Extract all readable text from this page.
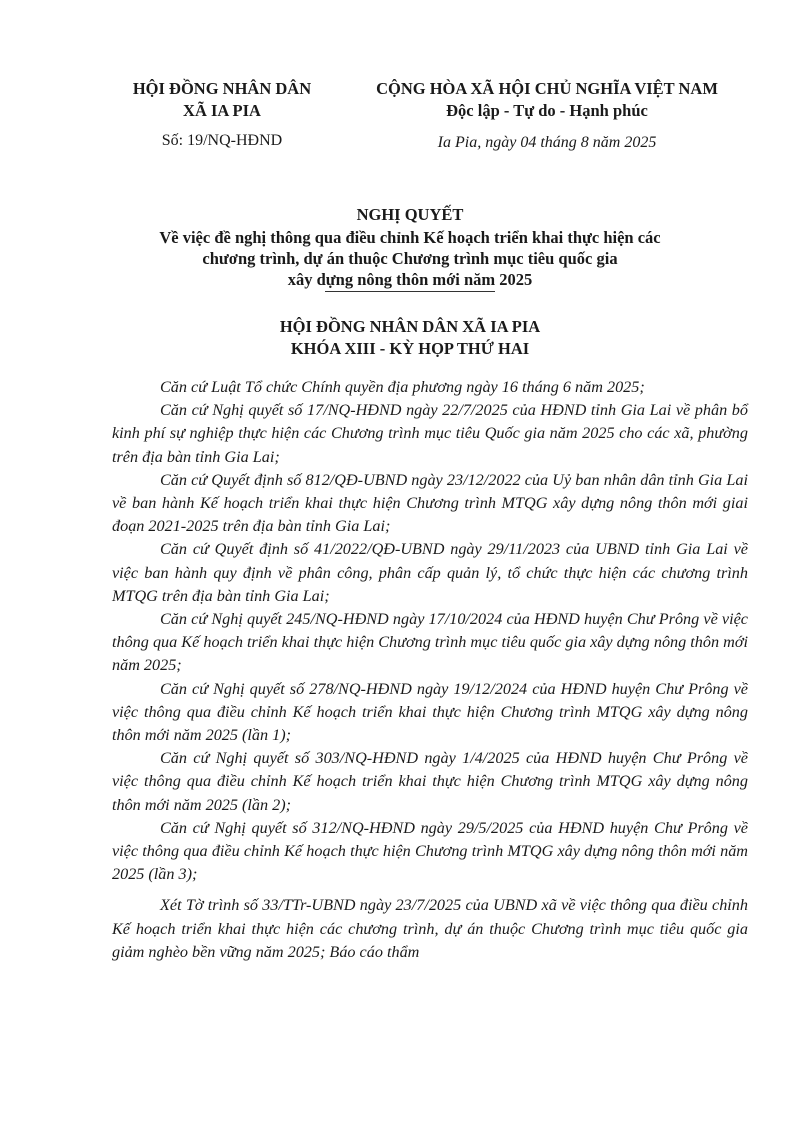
HỘI ĐỒNG NHÂN DÂN
XÃ IA PIA
Số: 19/NQ-HĐND
CỘNG HÒA XÃ HỘI CHỦ NGHĨA VIỆT NAM
Độc lập - Tự do - Hạnh phúc
Ia Pia, ngày 04 tháng 8 năm 2025
NGHỊ QUYẾT
Về việc đề nghị thông qua điều chỉnh Kế hoạch triển khai thực hiện các
chương trình, dự án thuộc Chương trình mục tiêu quốc gia
xây dựng nông thôn mới năm 2025
HỘI ĐỒNG NHÂN DÂN XÃ IA PIA
KHÓA XIII - KỲ HỌP THỨ HAI

Căn cứ Luật Tổ chức Chính quyền địa phương ngày 16 tháng 6 năm 2025;

Căn cứ Nghị quyết số 17/NQ-HĐND ngày 22/7/2025 của HĐND tỉnh Gia Lai về phân bổ kinh phí sự nghiệp thực hiện các Chương trình mục tiêu Quốc gia năm 2025 cho các xã, phường trên địa bàn tỉnh Gia Lai;

Căn cứ Quyết định số 812/QĐ-UBND ngày 23/12/2022 của Uỷ ban nhân dân tỉnh Gia Lai về ban hành Kế hoạch triển khai thực hiện Chương trình MTQG xây dựng nông thôn mới giai đoạn 2021-2025 trên địa bàn tỉnh Gia Lai;

Căn cứ Quyết định số 41/2022/QĐ-UBND ngày 29/11/2023 của UBND tỉnh Gia Lai về việc ban hành quy định về phân công, phân cấp quản lý, tổ chức thực hiện các chương trình MTQG trên địa bàn tỉnh Gia Lai;

Căn cứ Nghị quyết 245/NQ-HĐND ngày 17/10/2024 của HĐND huyện Chư Prông về việc thông qua Kế hoạch triển khai thực hiện Chương trình mục tiêu quốc gia xây dựng nông thôn mới năm 2025;

Căn cứ Nghị quyết số 278/NQ-HĐND ngày 19/12/2024 của HĐND huyện Chư Prông về việc thông qua điều chỉnh Kế hoạch triển khai thực hiện Chương trình MTQG xây dựng nông thôn mới năm 2025 (lần 1);

Căn cứ Nghị quyết số 303/NQ-HĐND ngày 1/4/2025 của HĐND huyện Chư Prông về việc thông qua điều chỉnh Kế hoạch triển khai thực hiện Chương trình MTQG xây dựng nông thôn mới năm 2025 (lần 2);

Căn cứ Nghị quyết số 312/NQ-HĐND ngày 29/5/2025 của HĐND huyện Chư Prông về việc thông qua điều chỉnh Kế hoạch thực hiện Chương trình MTQG xây dựng nông thôn mới năm 2025 (lần 3);

Xét Tờ trình số 33/TTr-UBND ngày 23/7/2025 của UBND xã về việc thông qua điều chỉnh Kế hoạch triển khai thực hiện các chương trình, dự án thuộc Chương trình mục tiêu quốc gia giảm nghèo bền vững năm 2025; Báo cáo thẩm
